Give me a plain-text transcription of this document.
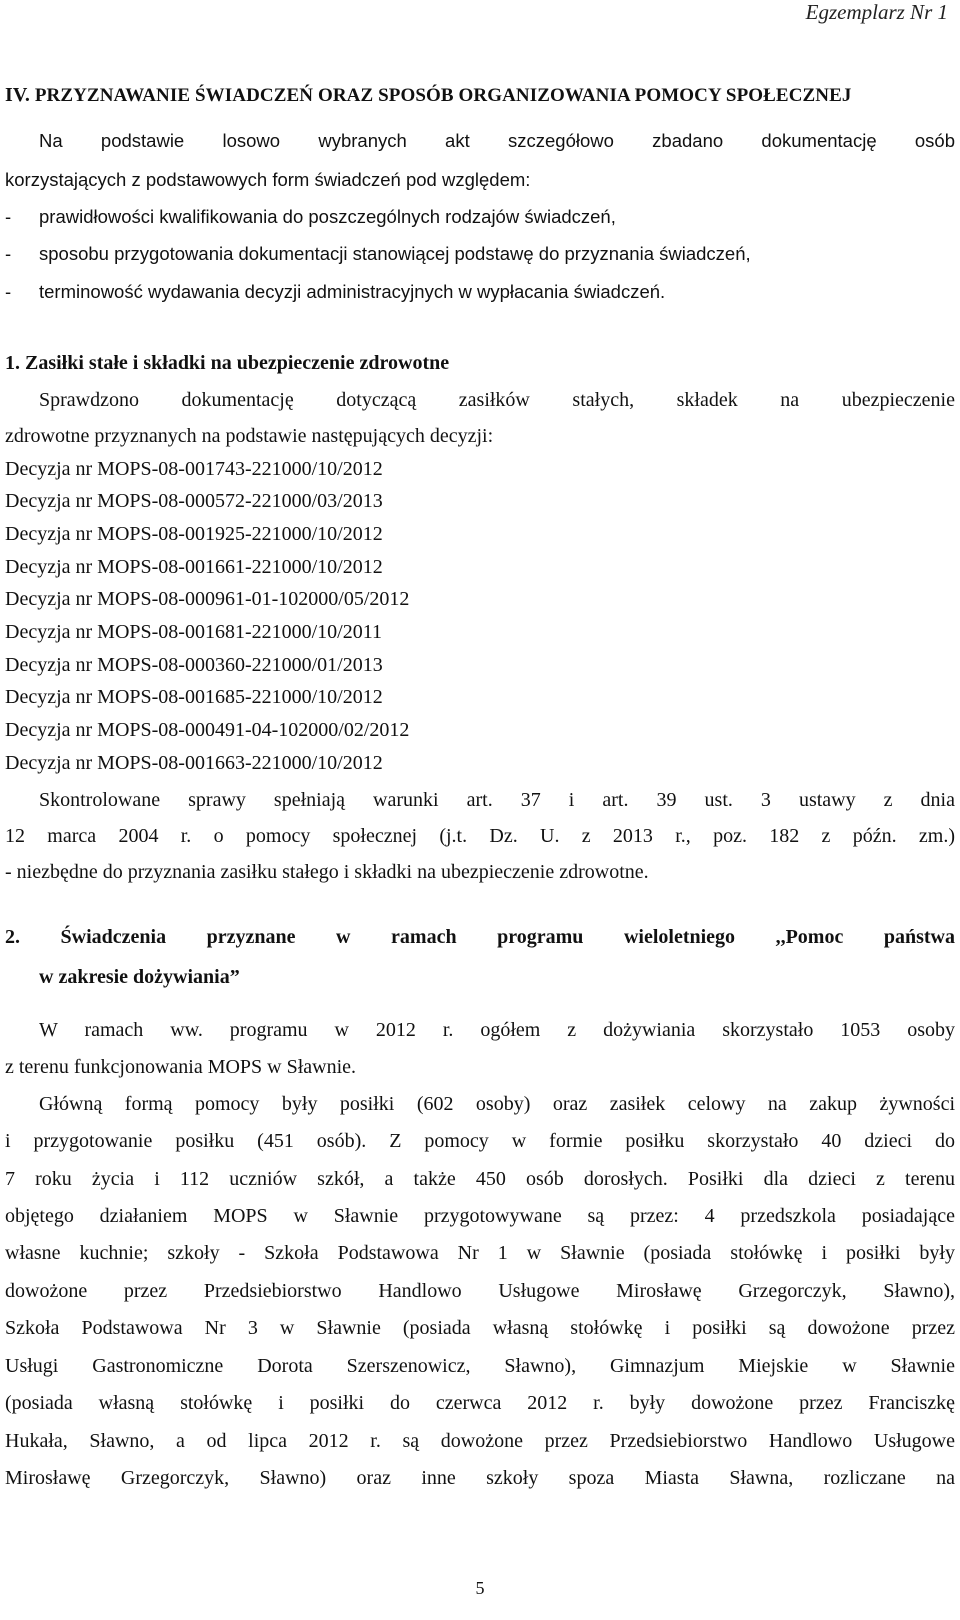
Egzemplarz Nr 1
IV. PRZYZNAWANIE ŚWIADCZEŃ ORAZ SPOSÓB ORGANIZOWANIA POMOCY SPOŁECZNEJ
Na podstawie losowo wybranych akt szczegółowo zbadano dokumentację osób
korzystających z podstawowych form świadczeń pod względem:
- prawidłowości kwalifikowania do poszczególnych rodzajów świadczeń,
- sposobu przygotowania dokumentacji stanowiącej podstawę do przyznania świadczeń,
- terminowość wydawania decyzji administracyjnych w wypłacania świadczeń.
1. Zasiłki stałe i składki na ubezpieczenie zdrowotne
Sprawdzono dokumentację dotyczącą zasiłków stałych, składek na ubezpieczenie
zdrowotne przyznanych na podstawie następujących decyzji:
Decyzja nr MOPS-08-001743-221000/10/2012
Decyzja nr MOPS-08-000572-221000/03/2013
Decyzja nr MOPS-08-001925-221000/10/2012
Decyzja nr MOPS-08-001661-221000/10/2012
Decyzja nr MOPS-08-000961-01-102000/05/2012
Decyzja nr MOPS-08-001681-221000/10/2011
Decyzja nr MOPS-08-000360-221000/01/2013
Decyzja nr MOPS-08-001685-221000/10/2012
Decyzja nr MOPS-08-000491-04-102000/02/2012
Decyzja nr MOPS-08-001663-221000/10/2012
Skontrolowane sprawy spełniają warunki art. 37 i art. 39 ust. 3 ustawy z dnia
12 marca 2004 r. o pomocy społecznej (j.t. Dz. U. z 2013 r., poz. 182 z późn. zm.)
- niezbędne do przyznania zasiłku stałego i składki na ubezpieczenie zdrowotne.
2. Świadczenia przyznane w ramach programu wieloletniego ,,Pomoc państwa
w zakresie dożywiania”
W ramach ww. programu w 2012 r. ogółem z dożywiania skorzystało 1053 osoby
z terenu funkcjonowania MOPS w Sławnie.
Główną formą pomocy były posiłki (602 osoby) oraz zasiłek celowy na zakup żywności
i przygotowanie posiłku (451 osób). Z pomocy w formie posiłku skorzystało 40 dzieci do
7 roku życia i 112 uczniów szkół, a także 450 osób dorosłych. Posiłki dla dzieci z terenu
objętego działaniem MOPS w Sławnie przygotowywane są przez: 4 przedszkola posiadające
własne kuchnie; szkoły - Szkoła Podstawowa Nr 1 w Sławnie (posiada stołówkę i posiłki były
dowożone przez Przedsiebiorstwo Handlowo Usługowe Mirosławę Grzegorczyk, Sławno),
Szkoła Podstawowa Nr 3 w Sławnie (posiada własną stołówkę i posiłki są dowożone przez
Usługi Gastronomiczne Dorota Szerszenowicz, Sławno), Gimnazjum Miejskie w Sławnie
(posiada własną stołówkę i posiłki do czerwca 2012 r. były dowożone przez Franciszkę
Hukała, Sławno, a od lipca 2012 r. są dowożone przez Przedsiebiorstwo Handlowo Usługowe
Mirosławę Grzegorczyk, Sławno) oraz inne szkoły spoza Miasta Sławna, rozliczane na
5
